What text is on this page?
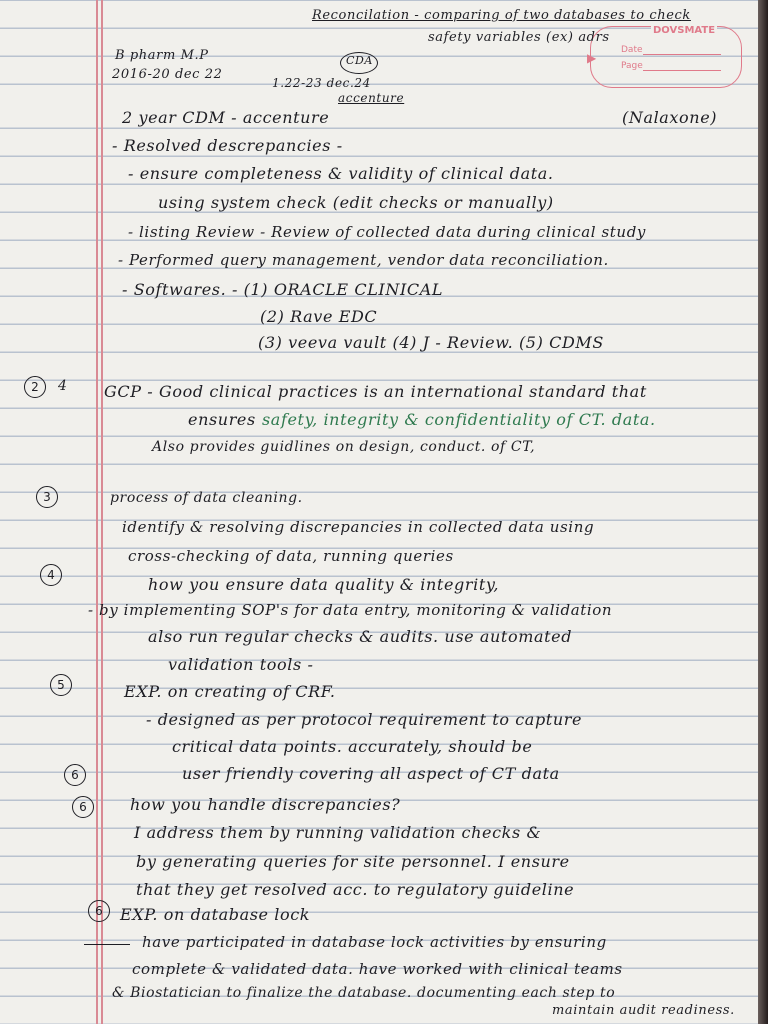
DOVSMATE
▶
Date
Page
Reconcilation - comparing of two databases to check
safety variables (ex) adrs
B pharm M.P
2016-20 dec 22
CDA
1.22-23 dec.24
accenture
2 year CDM - accenture	(Nalaxone)
- Resolved descrepancies -
- ensure completeness & validity of clinical data.
using system check (edit checks or manually)
- listing Review - Review of collected data during clinical study
- Performed query management, vendor data reconciliation.
- Softwares. - (1) ORACLE CLINICAL
(2) Rave EDC
(3) veeva vault (4) J - Review. (5) CDMS
2	4 GCP - Good clinical practices is an international standard that
ensures safety, integrity & confidentiality of CT. data.
Also provides guidlines on design, conduct. of CT,
3	process of data cleaning.
identify & resolving discrepancies in collected data using
cross-checking of data, running queries
4	how you ensure data quality & integrity,
- by implementing SOP's for data entry, monitoring & validation
also run regular checks & audits. use automated
validation tools -
5	EXP. on creating of CRF.
- designed as per protocol requirement to capture
critical data points. accurately, should be
6	user friendly covering all aspect of CT data
6	how you handle discrepancies?
I address them by running validation checks &
by generating queries for site personnel. I ensure
that they get resolved acc. to regulatory guideline
6	EXP. on database lock
have participated in database lock activities by ensuring
complete & validated data. have worked with clinical teams
& Biostatician to finalize the database. documenting each step to
maintain audit readiness.
